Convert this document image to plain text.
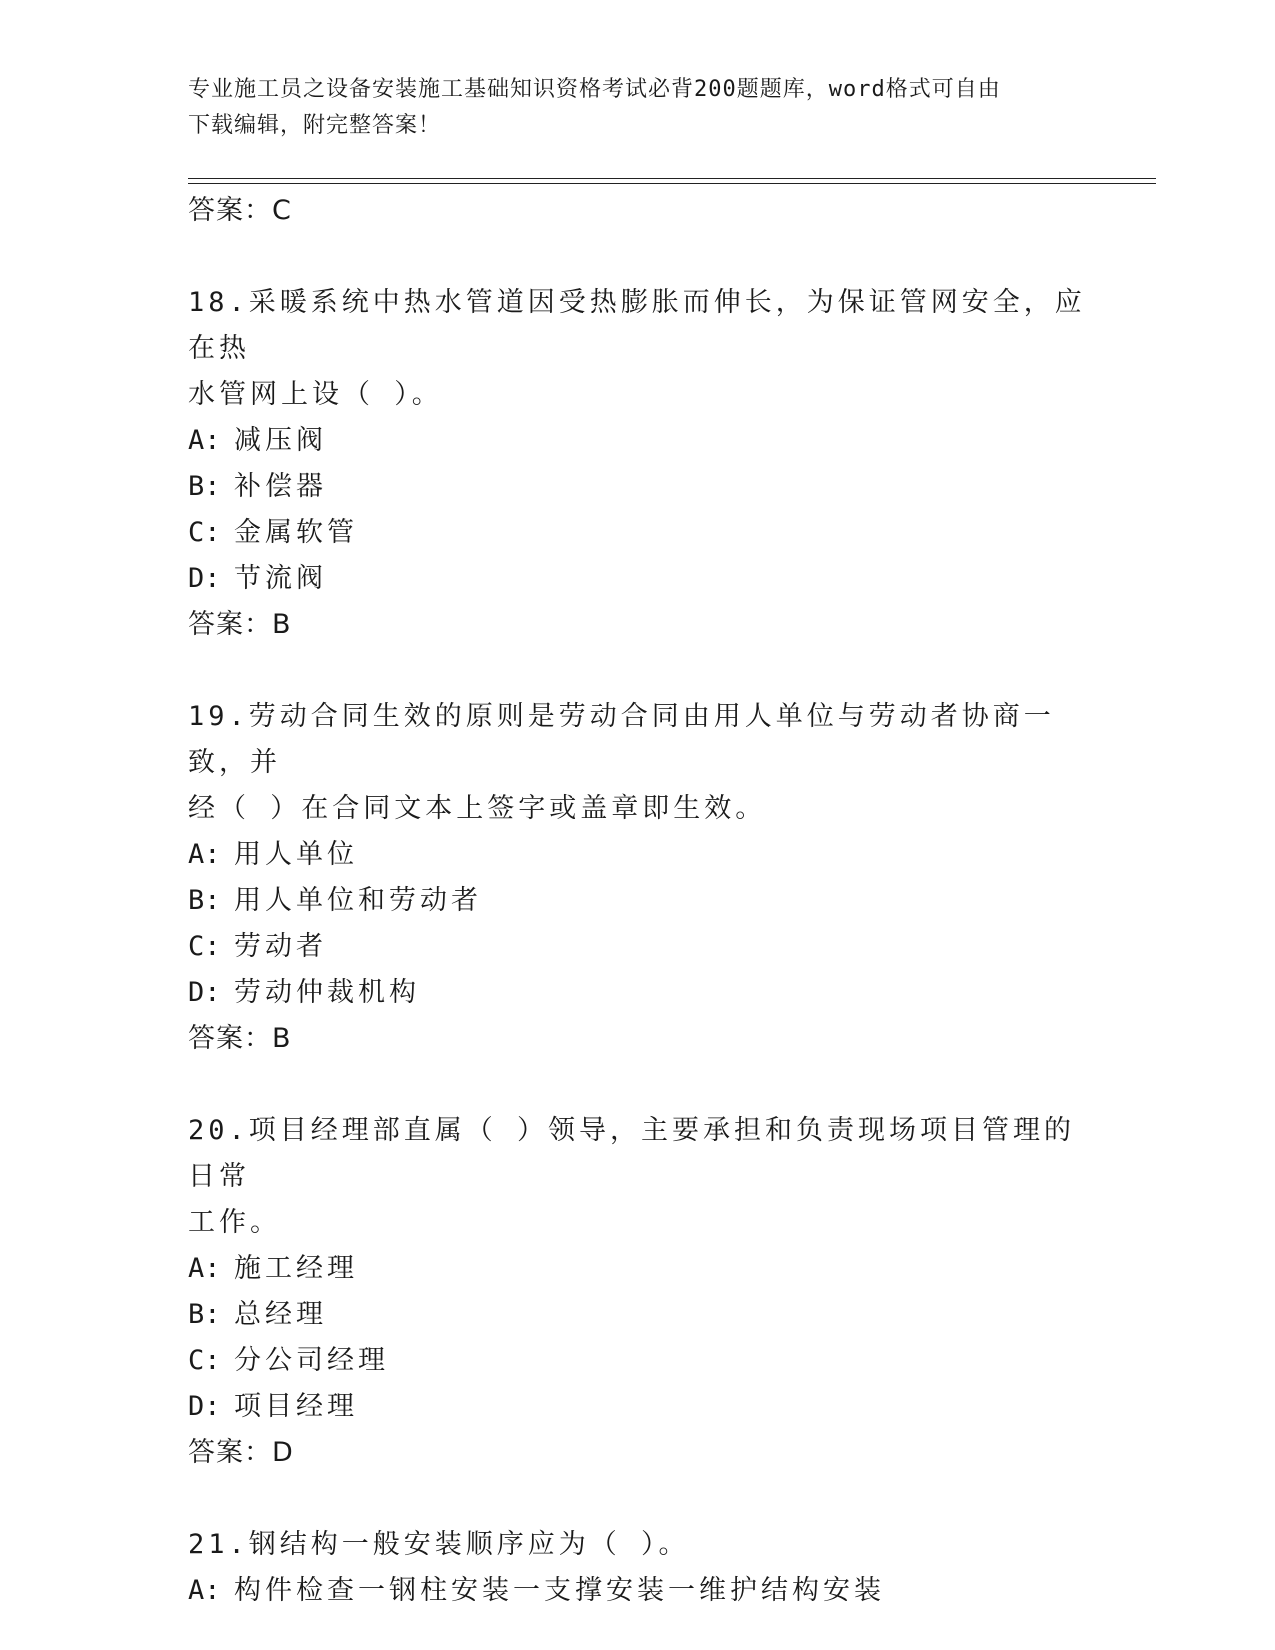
专业施工员之设备安装施工基础知识资格考试必背200题题库，word格式可自由
下载编辑，附完整答案！
答案：C
18.采暖系统中热水管道因受热膨胀而伸长，为保证管网安全，应在热
水管网上设（ ）。
A: 减压阀
B: 补偿器
C: 金属软管
D: 节流阀
答案：B
19.劳动合同生效的原则是劳动合同由用人单位与劳动者协商一致，并
经（ ）在合同文本上签字或盖章即生效。
A: 用人单位
B: 用人单位和劳动者
C: 劳动者
D: 劳动仲裁机构
答案：B
20.项目经理部直属（ ）领导，主要承担和负责现场项目管理的日常
工作。
A: 施工经理
B: 总经理
C: 分公司经理
D: 项目经理
答案：D
21.钢结构一般安装顺序应为（ ）。
A: 构件检查一钢柱安装一支撑安装一维护结构安装
